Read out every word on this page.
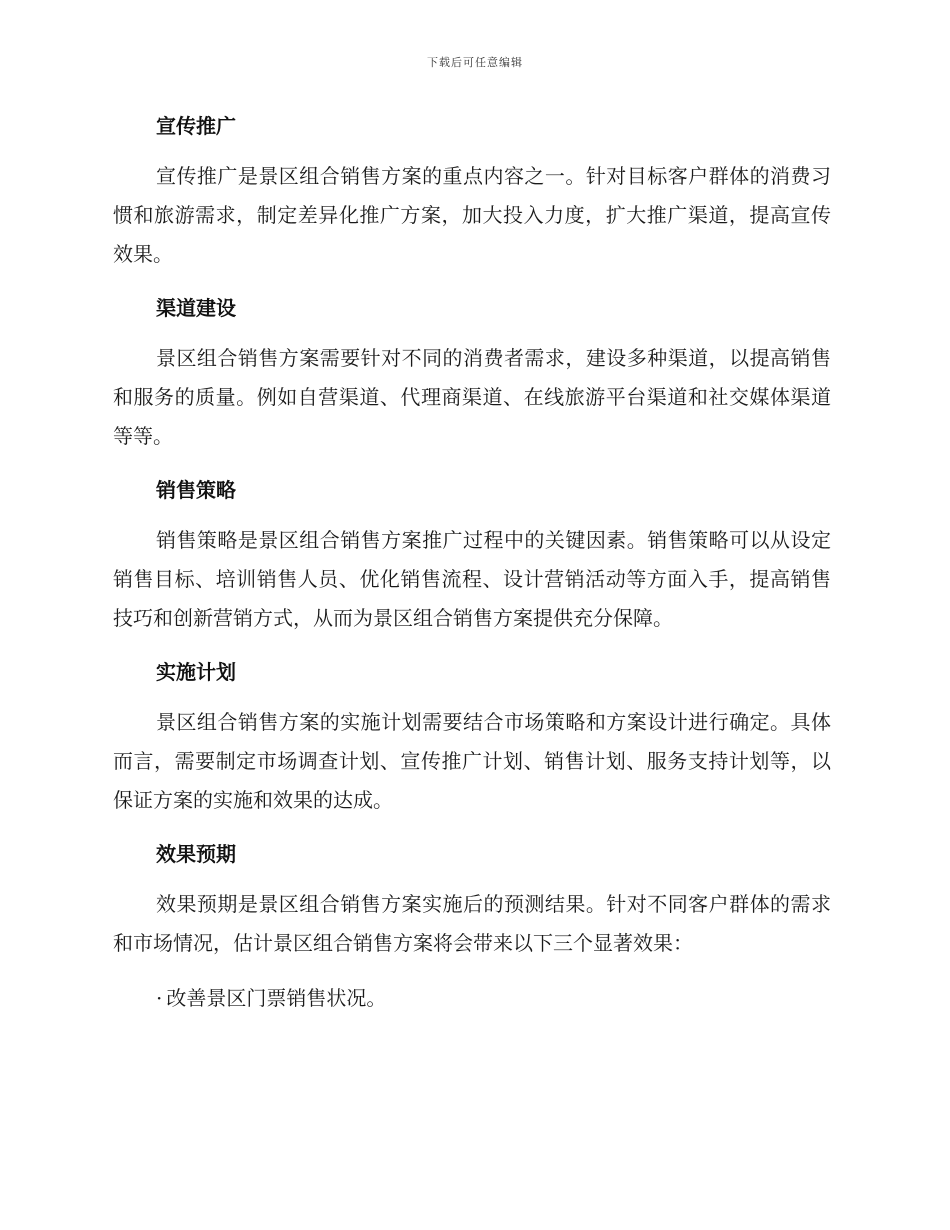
下载后可任意编辑
宣传推广

宣传推广是景区组合销售方案的重点内容之一。针对目标客户群体的消费习惯和旅游需求，制定差异化推广方案，加大投入力度，扩大推广渠道，提高宣传效果。

渠道建设

景区组合销售方案需要针对不同的消费者需求，建设多种渠道，以提高销售和服务的质量。例如自营渠道、代理商渠道、在线旅游平台渠道和社交媒体渠道等等。

销售策略

销售策略是景区组合销售方案推广过程中的关键因素。销售策略可以从设定销售目标、培训销售人员、优化销售流程、设计营销活动等方面入手，提高销售技巧和创新营销方式，从而为景区组合销售方案提供充分保障。

实施计划

景区组合销售方案的实施计划需要结合市场策略和方案设计进行确定。具体而言，需要制定市场调查计划、宣传推广计划、销售计划、服务支持计划等，以保证方案的实施和效果的达成。

效果预期

效果预期是景区组合销售方案实施后的预测结果。针对不同客户群体的需求和市场情况，估计景区组合销售方案将会带来以下三个显著效果：

· 改善景区门票销售状况。
